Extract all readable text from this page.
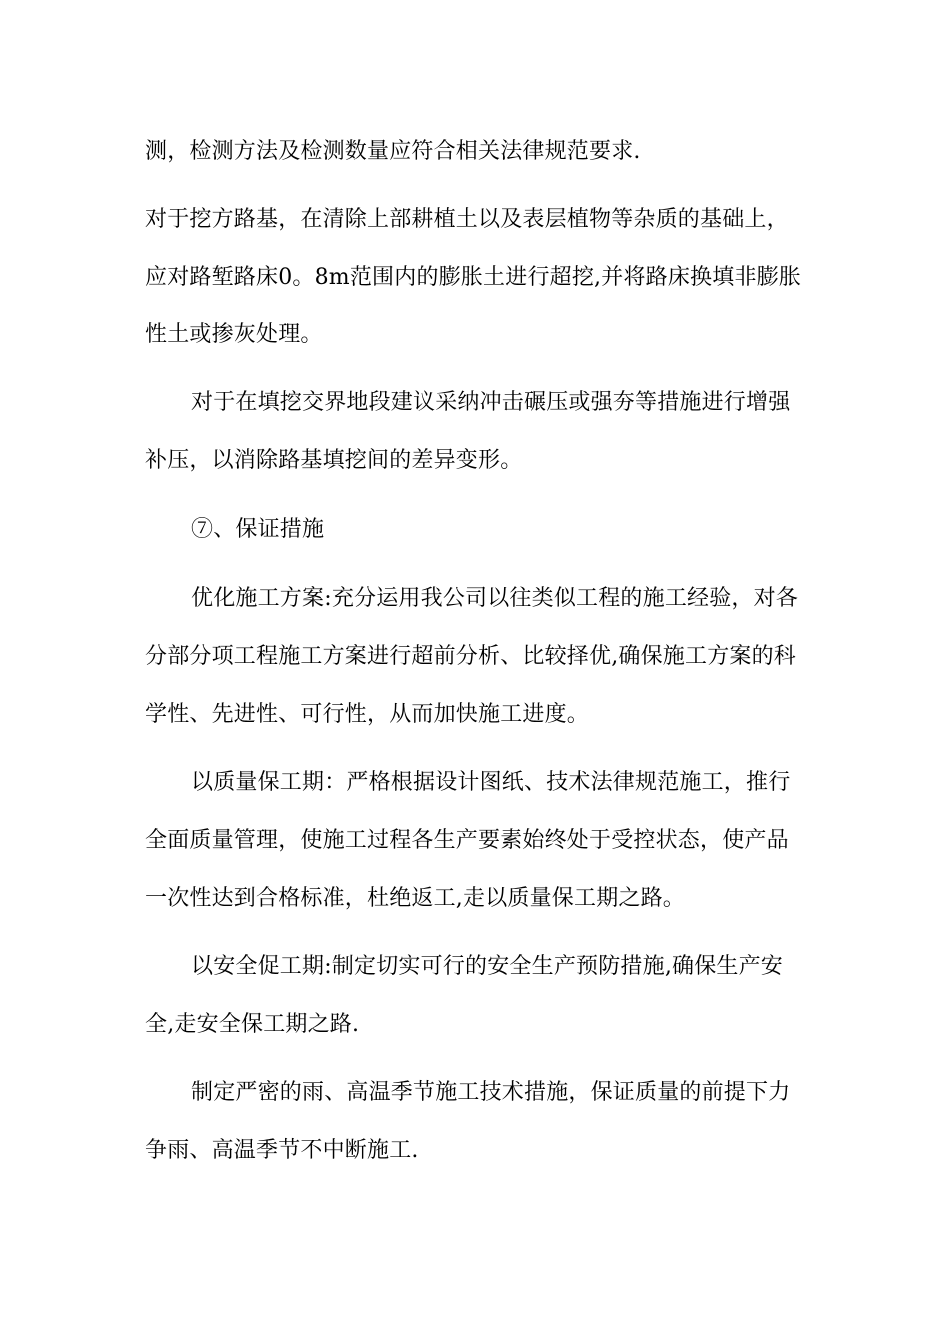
测，检测方法及检测数量应符合相关法律规范要求.
对于挖方路基，在清除上部耕植土以及表层植物等杂质的基础上，
应对路堑路床0。8m范围内的膨胀土进行超挖,并将路床换填非膨胀
性土或掺灰处理。
对于在填挖交界地段建议采纳冲击碾压或强夯等措施进行增强
补压，以消除路基填挖间的差异变形。
⑦、保证措施
优化施工方案:充分运用我公司以往类似工程的施工经验，对各
分部分项工程施工方案进行超前分析、比较择优,确保施工方案的科
学性、先进性、可行性，从而加快施工进度。
以质量保工期：严格根据设计图纸、技术法律规范施工，推行
全面质量管理，使施工过程各生产要素始终处于受控状态，使产品
一次性达到合格标准，杜绝返工,走以质量保工期之路。
以安全促工期:制定切实可行的安全生产预防措施,确保生产安
全,走安全保工期之路.
制定严密的雨、高温季节施工技术措施，保证质量的前提下力
争雨、高温季节不中断施工.
